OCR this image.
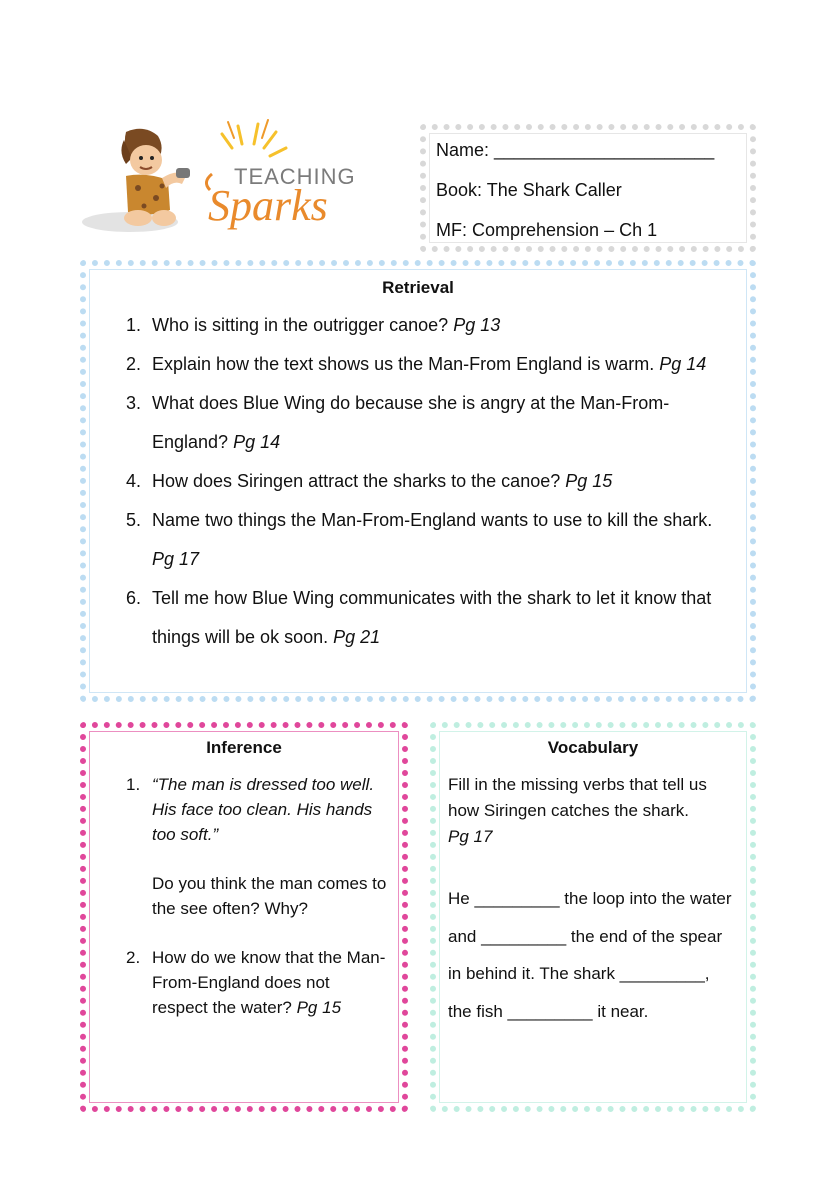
TEACHING
Sparks
Name: ______________________
Book: The Shark Caller
MF: Comprehension – Ch 1
Retrieval
1. Who is sitting in the outrigger canoe? Pg 13
2. Explain how the text shows us the Man-From England is warm. Pg 14
3. What does Blue Wing do because she is angry at the Man-From-England? Pg 14
4. How does Siringen attract the sharks to the canoe? Pg 15
5. Name two things the Man-From-England wants to use to kill the shark. Pg 17
6. Tell me how Blue Wing communicates with the shark to let it know that things will be ok soon. Pg 21
Inference
1. “The man is dressed too well. His face too clean. His hands too soft.”
Do you think the man comes to the see often? Why?
2. How do we know that the Man-From-England does not respect the water? Pg 15
Vocabulary
Fill in the missing verbs that tell us how Siringen catches the shark.
Pg 17
He _________ the loop into the water and _________ the end of the spear in behind it. The shark _________, the fish _________ it near.
